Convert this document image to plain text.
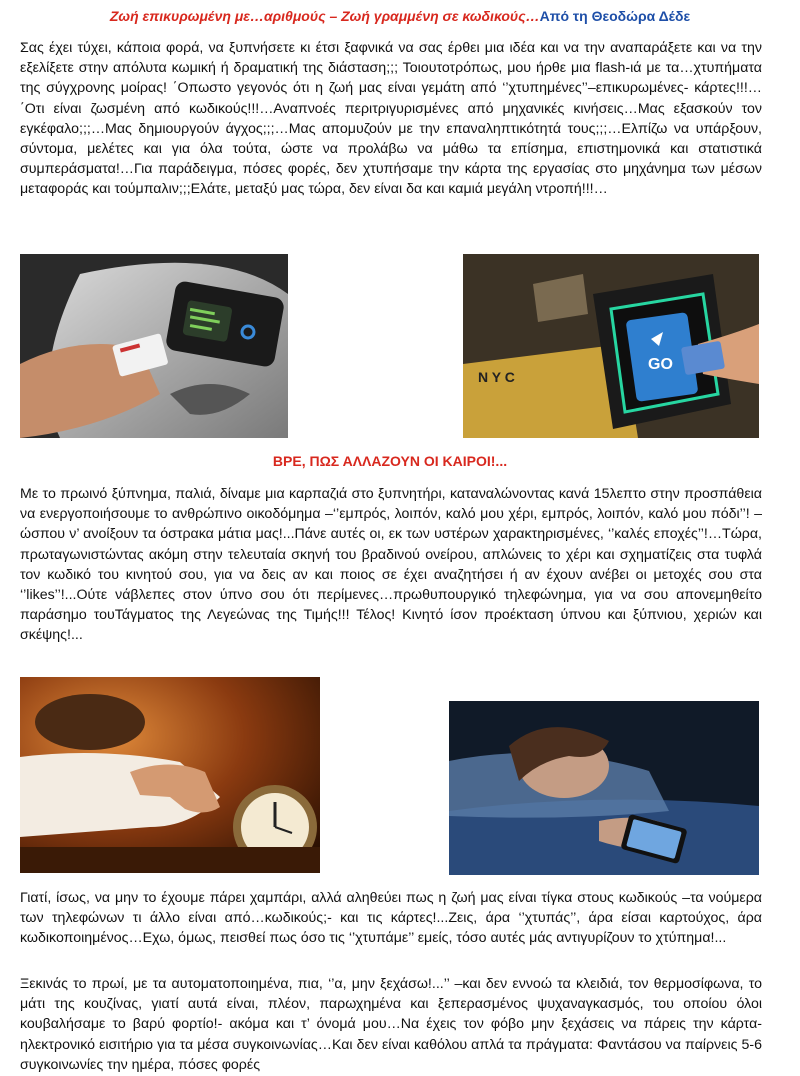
Ζωή επικυρωμένη με…αριθμούς – Ζωή γραμμένη σε κωδικούς…Από τη Θεοδώρα Δέδε

Σας έχει τύχει, κάποια φορά, να ξυπνήσετε κι έτσι ξαφνικά να σας έρθει μια ιδέα και να την αναπαράξετε και να την εξελίξετε στην απόλυτα κωμική ή δραματική της διάσταση;;; Τοιουτοτρόπως, μου ήρθε μια flash-ιά με τα…χτυπήματα της σύγχρονης μοίρας! ΄Οπωστο γεγονός ότι η ζωή μας είναι γεμάτη από ‘’χτυπημένες’’–επικυρωμένες- κάρτες!!!…΄Οτι είναι ζωσμένη από κωδικούς!!!…Αναπνοές περιτριγυρισμένες από μηχανικές κινήσεις…Μας εξασκούν τον εγκέφαλο;;;…Μας δημιουργούν άγχος;;;…Μας απομυζούν με την επαναληπτικότητά τους;;;…Ελπίζω να υπάρξουν, σύντομα, μελέτες και για όλα τούτα, ώστε να προλάβω να μάθω τα επίσημα, επιστημονικά και στατιστικά συμπεράσματα!…Για παράδειγμα, πόσες φορές, δεν χτυπήσαμε την κάρτα της εργασίας στο μηχάνημα των μέσων μεταφοράς και τούμπαλιν;;;Ελάτε, μεταξύ μας τώρα, δεν είναι δα και καμιά μεγάλη ντροπή!!!…

N Y C
GO
ΒΡΕ, ΠΩΣ ΑΛΛΑΖΟΥΝ ΟΙ ΚΑΙΡΟΙ!...

Με το πρωινό ξύπνημα, παλιά, δίναμε μια καρπαζιά στο ξυπνητήρι, καταναλώνοντας κανά 15λεπτο στην προσπάθεια να ενεργοποιήσουμε το ανθρώπινο οικοδόμημα –‘’εμπρός, λοιπόν, καλό μου χέρι, εμπρός, λοιπόν, καλό μου πόδι’’! – ώσπου ν’ ανοίξουν τα όστρακα μάτια μας!...Πάνε αυτές οι, εκ των υστέρων χαρακτηρισμένες, ‘’καλές εποχές’’!…Τώρα, πρωταγωνιστώντας ακόμη στην τελευταία σκηνή του βραδινού ονείρου, απλώνεις το χέρι και σχηματίζεις στα τυφλά τον κωδικό του κινητού σου, για να δεις αν και ποιος σε έχει αναζητήσει ή αν έχουν ανέβει οι μετοχές σου στα ‘’likes’’!...Ούτε νάβλεπες στον ύπνο σου ότι περίμενες…πρωθυπουργικό τηλεφώνημα, για να σου απονεμηθείτο παράσημο τουΤάγματος της Λεγεώνας της Τιμής!!! Τέλος! Κινητό ίσον προέκταση ύπνου και ξύπνιου, χεριών και σκέψης!...

Γιατί, ίσως, να μην το έχουμε πάρει χαμπάρι, αλλά αληθεύει πως η ζωή μας είναι τίγκα στους κωδικούς –τα νούμερα των τηλεφώνων τι άλλο είναι από…κωδικούς;- και τις κάρτες!...Ζεις, άρα ‘’χτυπάς’’, άρα είσαι καρτούχος, άρα κωδικοποιημένος…Εχω, όμως, πεισθεί πως όσο τις ‘’χτυπάμε’’ εμείς, τόσο αυτές μάς αντιγυρίζουν το χτύπημα!...

Ξεκινάς το πρωί, με τα αυτοματοποιημένα, πια, ‘’α, μην ξεχάσω!...’’ –και δεν εννοώ τα κλειδιά, τον θερμοσίφωνα, το μάτι της κουζίνας, γιατί αυτά είναι, πλέον, παρωχημένα και ξεπερασμένος ψυχαναγκασμός, του οποίου όλοι κουβαλήσαμε το βαρύ φορτίο!- ακόμα και τ’ όνομά μου…Να έχεις τον φόβο μην ξεχάσεις να πάρεις την κάρτα-ηλεκτρονικό εισιτήριο για τα μέσα συγκοινωνίας…Και δεν είναι καθόλου απλά τα πράγματα: Φαντάσου να παίρνεις 5-6 συγκοινωνίες την ημέρα, πόσες φορές
